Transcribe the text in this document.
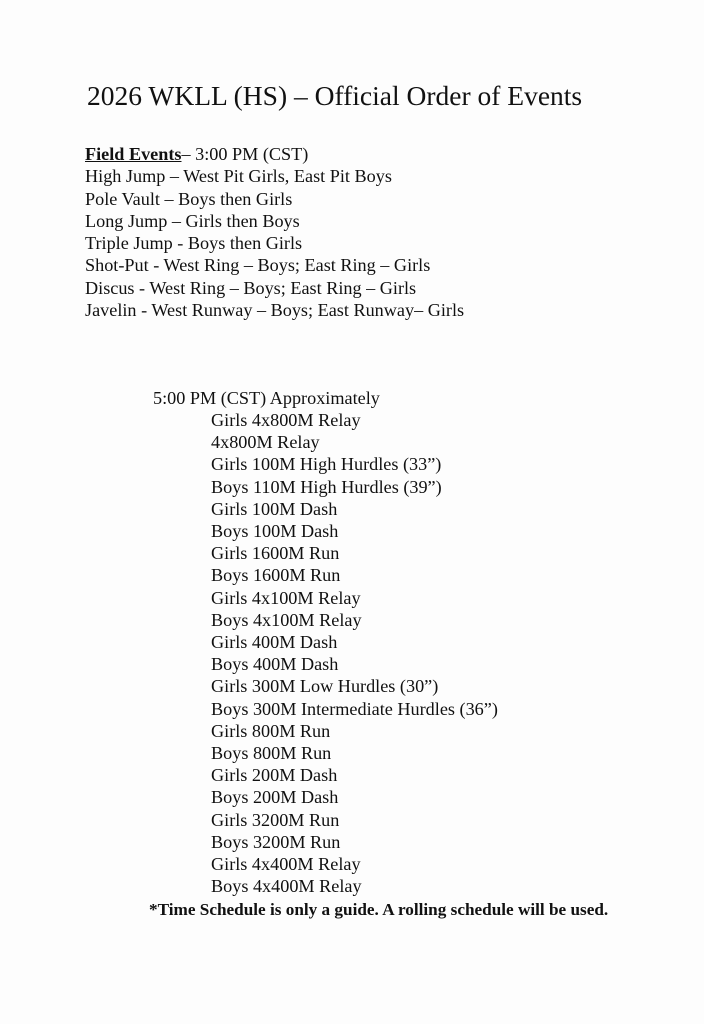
2026 WKLL (HS) – Official Order of Events
Field Events– 3:00 PM (CST)
High Jump – West Pit Girls, East Pit Boys
Pole Vault – Boys then Girls
Long Jump – Girls then Boys
Triple Jump - Boys then Girls
Shot-Put - West Ring – Boys; East Ring – Girls
Discus - West Ring – Boys; East Ring – Girls
Javelin - West Runway – Boys; East Runway– Girls
5:00 PM (CST) Approximately
Girls 4x800M Relay
4x800M Relay
Girls 100M High Hurdles (33”)
Boys 110M High Hurdles (39”)
Girls 100M Dash
Boys 100M Dash
Girls 1600M Run
Boys 1600M Run
Girls 4x100M Relay
Boys 4x100M Relay
Girls 400M Dash
Boys 400M Dash
Girls 300M Low Hurdles (30”)
Boys 300M Intermediate Hurdles (36”)
Girls 800M Run
Boys 800M Run
Girls 200M Dash
Boys 200M Dash
Girls 3200M Run
Boys 3200M Run
Girls 4x400M Relay
Boys 4x400M Relay
*Time Schedule is only a guide. A rolling schedule will be used.
